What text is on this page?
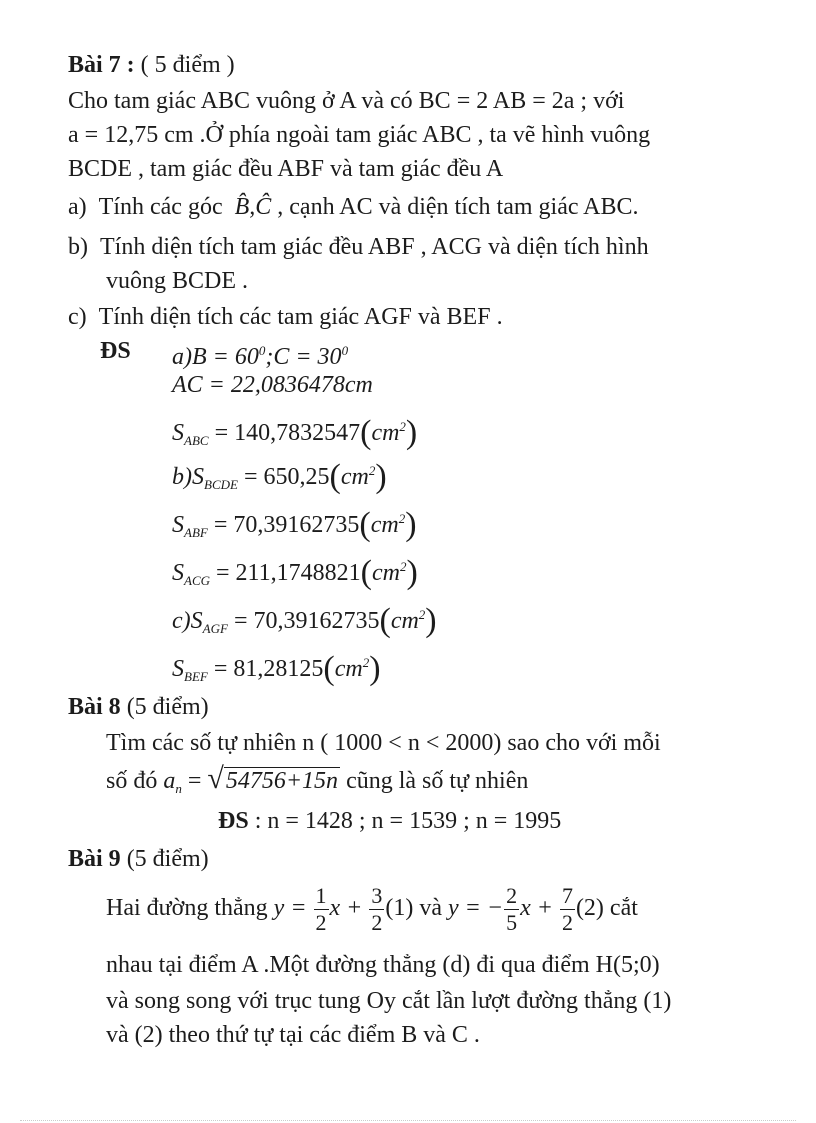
Bài 7 : ( 5 điểm )
Cho tam giác ABC vuông ở A và có BC = 2 AB = 2a ; với
a = 12,75 cm .Ở phía ngoài tam giác ABC , ta vẽ hình vuông
BCDE , tam giác đều ABF và tam giác đều A
a) Tính các góc  B̂,Ĉ , cạnh AC và diện tích tam giác ABC.
b) Tính diện tích tam giác đều ABF , ACG và diện tích hình
vuông BCDE .
c) Tính diện tích các tam giác AGF và BEF .
ĐS $a)B = 60^0;C = 30^0$
AC = 22,0836478cm
$S_{ABC} = 140,7832547(cm^2)$
$b)S_{BCDE} = 650,25(cm^2)$
$S_{ABF} = 70,39162735(cm^2)$
$S_{ACG} = 211,1748821(cm^2)$
$c)S_{AGF} = 70,39162735(cm^2)$
$S_{BEF} = 81,28125(cm^2)$
Bài 8 (5 điểm)
Tìm các số tự nhiên n ( 1000 < n < 2000) sao cho với mỗi
số đó $a_n = √54756+15n$ cũng là số tự nhiên
ĐS : n = 1428 ; n = 1539 ; n = 1995
Bài 9 (5 điểm)
Hai đường thẳng $y = \frac{1}{2}$ $x + \frac{3}{2} (1)$ và y = − $\frac{2}{5}$ $x + \frac{7}{2} (2)$ cắt
nhau tại điểm A .Một đường thẳng (d) đi qua điểm H(5;0)
và song song với trục tung Oy cắt lần lượt đường thẳng (1)
và (2) theo thứ tự tại các điểm B và C .
